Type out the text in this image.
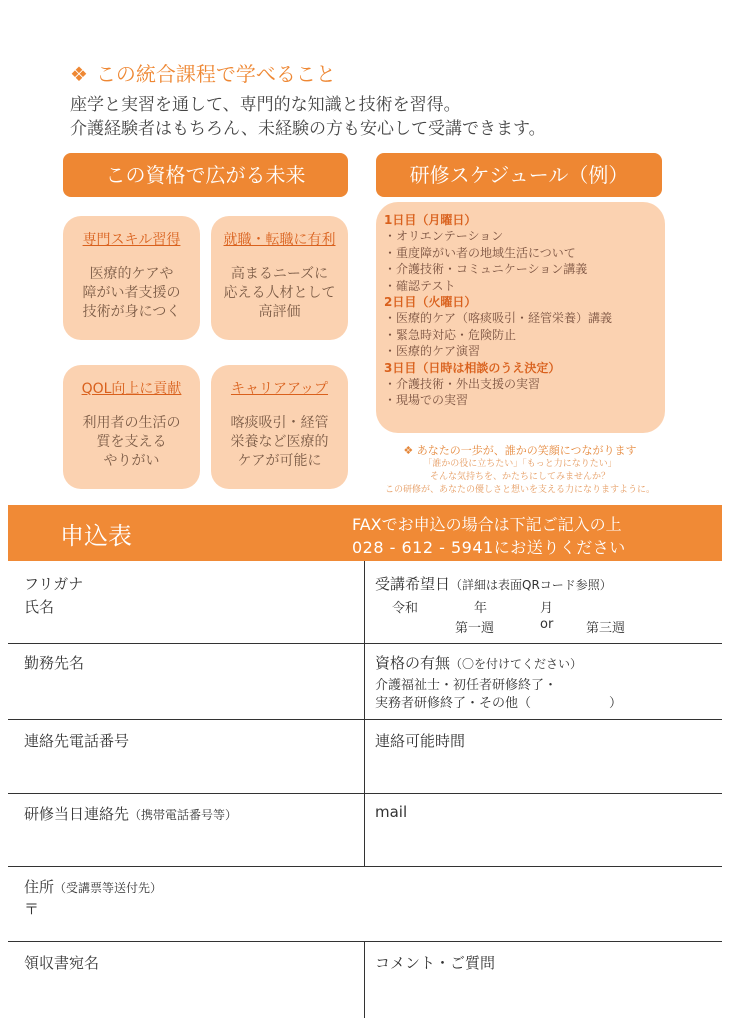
❖ この統合課程で学べること
座学と実習を通して、専門的な知識と技術を習得。
介護経験者はもちろん、未経験の方も安心して受講できます。
この資格で広がる未来	研修スケジュール（例）
専門スキル習得
医療的ケアや
障がい者支援の
技術が身につく
就職・転職に有利
高まるニーズに
応える人材として
高評価
QOL向上に貢献
利用者の生活の
質を支える
やりがい
キャリアアップ
喀痰吸引・経管
栄養など医療的
ケアが可能に
1日目（月曜日）
・オリエンテーション
・重度障がい者の地域生活について
・介護技術・コミュニケーション講義
・確認テスト
2日目（火曜日）
・医療的ケア（喀痰吸引・経管栄養）講義
・緊急時対応・危険防止
・医療的ケア演習
3日目（日時は相談のうえ決定）
・介護技術・外出支援の実習
・現場での実習
❖ あなたの一歩が、誰かの笑顔につながります
「誰かの役に立ちたい」「もっと力になりたい」
そんな気持ちを、かたちにしてみませんか？
この研修が、あなたの優しさと想いを支える力になりますように。
申込表	FAXでお申込の場合は下記ご記入の上
028 - 612 - 5941にお送りください
フリガナ
氏名
受講希望日（詳細は表面QRコード参照）
令和	年	月
第一週	or	第三週
勤務先名	資格の有無（〇を付けてください）
介護福祉士・初任者研修終了・
実務者研修終了・その他（　　　　　　）
連絡先電話番号	連絡可能時間
研修当日連絡先（携帯電話番号等）	mail
住所（受講票等送付先）
〒
領収書宛名	コメント・ご質問
